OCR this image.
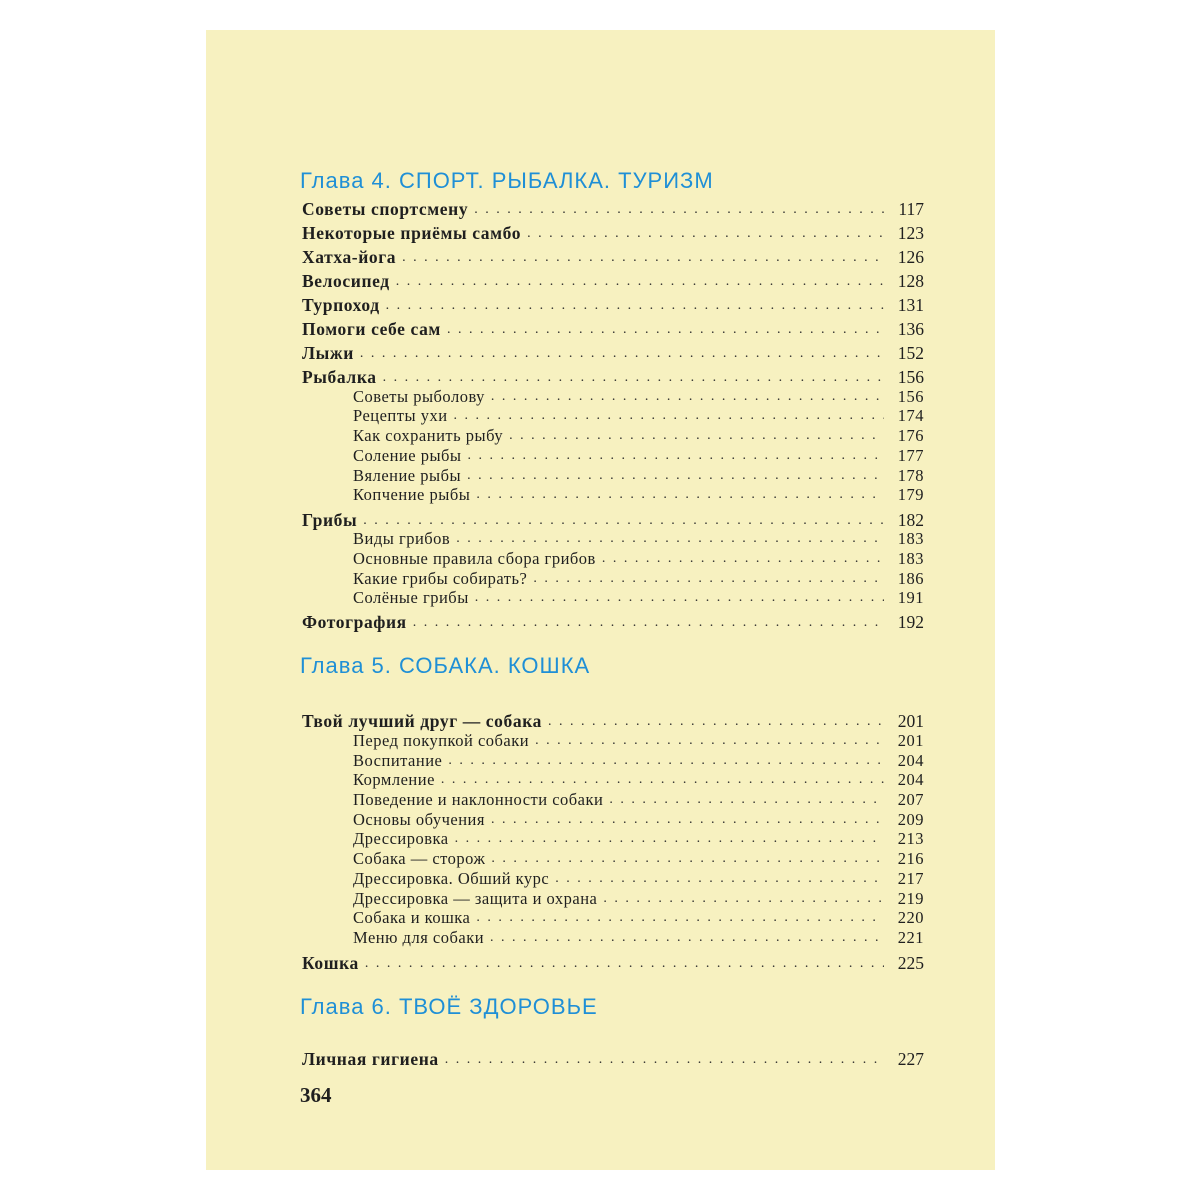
Глава 4. СПОРТ. РЫБАЛКА. ТУРИЗМ
Советы спортсмену . . .	117
Некоторые приёмы самбо . . .	123
Хатха-йога . . .	126
Велосипед . . .	128
Турпоход . . .	131
Помоги себе сам . . .	136
Лыжи . . .	152
Рыбалка . . .	156
Советы рыболову . . .	156
Рецепты ухи . . .	174
Как сохранить рыбу . . .	176
Соление рыбы . . .	177
Вяление рыбы . . .	178
Копчение рыбы . . .	179
Грибы . . .	182
Виды грибов . . .	183
Основные правила сбора грибов . . .	183
Какие грибы собирать? . . .	186
Солёные грибы . . .	191
Фотография . . .	192
Глава 5. СОБАКА. КОШКА
Твой лучший друг — собака . . .	201
Перед покупкой собаки . . .	201
Воспитание . . .	204
Кормление . . .	204
Поведение и наклонности собаки . . .	207
Основы обучения . . .	209
Дрессировка . . .	213
Собака — сторож . . .	216
Дрессировка. Обший курс . . .	217
Дрессировка — защита и охрана . . .	219
Собака и кошка . . .	220
Меню для собаки . . .	221
Кошка . . .	225
Глава 6. ТВОЁ ЗДОРОВЬЕ
Личная гигиена . . .	227
364
